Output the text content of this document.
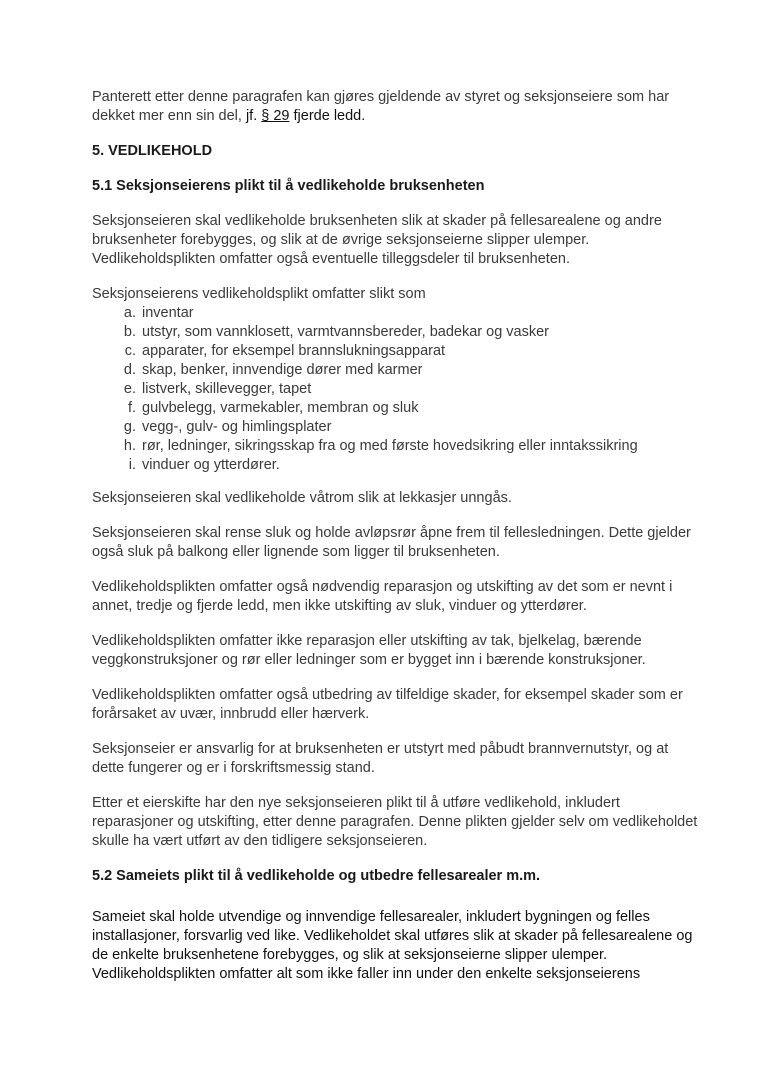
Panterett etter denne paragrafen kan gjøres gjeldende av styret og seksjonseiere som har dekket mer enn sin del, jf. § 29 fjerde ledd.

5. VEDLIKEHOLD

5.1 Seksjonseierens plikt til å vedlikeholde bruksenheten

Seksjonseieren skal vedlikeholde bruksenheten slik at skader på fellesarealene og andre bruksenheter forebygges, og slik at de øvrige seksjonseierne slipper ulemper. Vedlikeholdsplikten omfatter også eventuelle tilleggsdeler til bruksenheten.

Seksjonseierens vedlikeholdsplikt omfatter slikt som

a. inventar
b. utstyr, som vannklosett, varmtvannsbereder, badekar og vasker
c. apparater, for eksempel brannslukningsapparat
d. skap, benker, innvendige dører med karmer
e. listverk, skillevegger, tapet
f. gulvbelegg, varmekabler, membran og sluk
g. vegg-, gulv- og himlingsplater
h. rør, ledninger, sikringsskap fra og med første hovedsikring eller inntakssikring
i. vinduer og ytterdører.

Seksjonseieren skal vedlikeholde våtrom slik at lekkasjer unngås.

Seksjonseieren skal rense sluk og holde avløpsrør åpne frem til fellesledningen. Dette gjelder også sluk på balkong eller lignende som ligger til bruksenheten.

Vedlikeholdsplikten omfatter også nødvendig reparasjon og utskifting av det som er nevnt i annet, tredje og fjerde ledd, men ikke utskifting av sluk, vinduer og ytterdører.

Vedlikeholdsplikten omfatter ikke reparasjon eller utskifting av tak, bjelkelag, bærende veggkonstruksjoner og rør eller ledninger som er bygget inn i bærende konstruksjoner.

Vedlikeholdsplikten omfatter også utbedring av tilfeldige skader, for eksempel skader som er forårsaket av uvær, innbrudd eller hærverk.

Seksjonseier er ansvarlig for at bruksenheten er utstyrt med påbudt brannvernutstyr, og at dette fungerer og er i forskriftsmessig stand.

Etter et eierskifte har den nye seksjonseieren plikt til å utføre vedlikehold, inkludert reparasjoner og utskifting, etter denne paragrafen. Denne plikten gjelder selv om vedlikeholdet skulle ha vært utført av den tidligere seksjonseieren.

5.2 Sameiets plikt til å vedlikeholde og utbedre fellesarealer m.m.

Sameiet skal holde utvendige og innvendige fellesarealer, inkludert bygningen og felles installasjoner, forsvarlig ved like. Vedlikeholdet skal utføres slik at skader på fellesarealene og de enkelte bruksenhetene forebygges, og slik at seksjonseierne slipper ulemper. Vedlikeholdsplikten omfatter alt som ikke faller inn under den enkelte seksjonseierens
